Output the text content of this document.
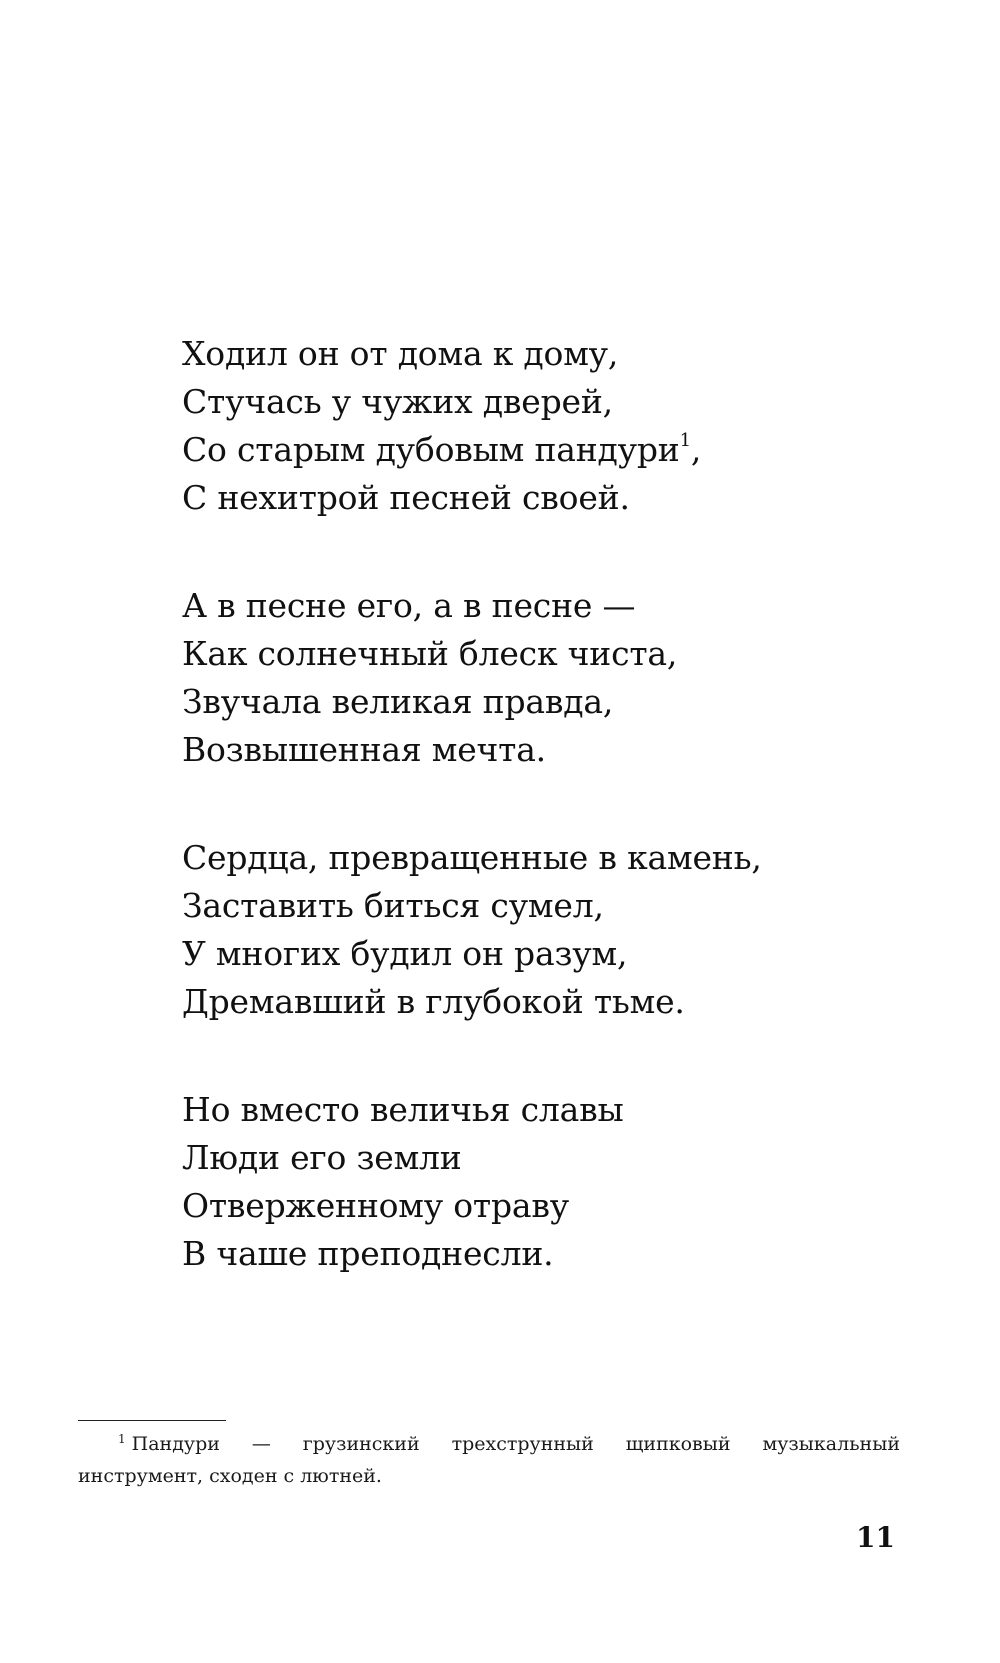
Ходил он от дома к дому,
Стучась у чужих дверей,
Со старым дубовым пандури$^1$,
С нехитрой песней своей.
А в песне его, а в песне —
Как солнечный блеск чиста,
Звучала великая правда,
Возвышенная мечта.
Сердца, превращенные в камень,
Заставить биться сумел,
У многих будил он разум,
Дремавший в глубокой тьме.
Но вместо величья славы
Люди его земли
Отверженному отраву
В чаше преподнесли.
1 Пандури — грузинский трехструнный щипковый музыкальный инструмент, сходен с лютней.
11
